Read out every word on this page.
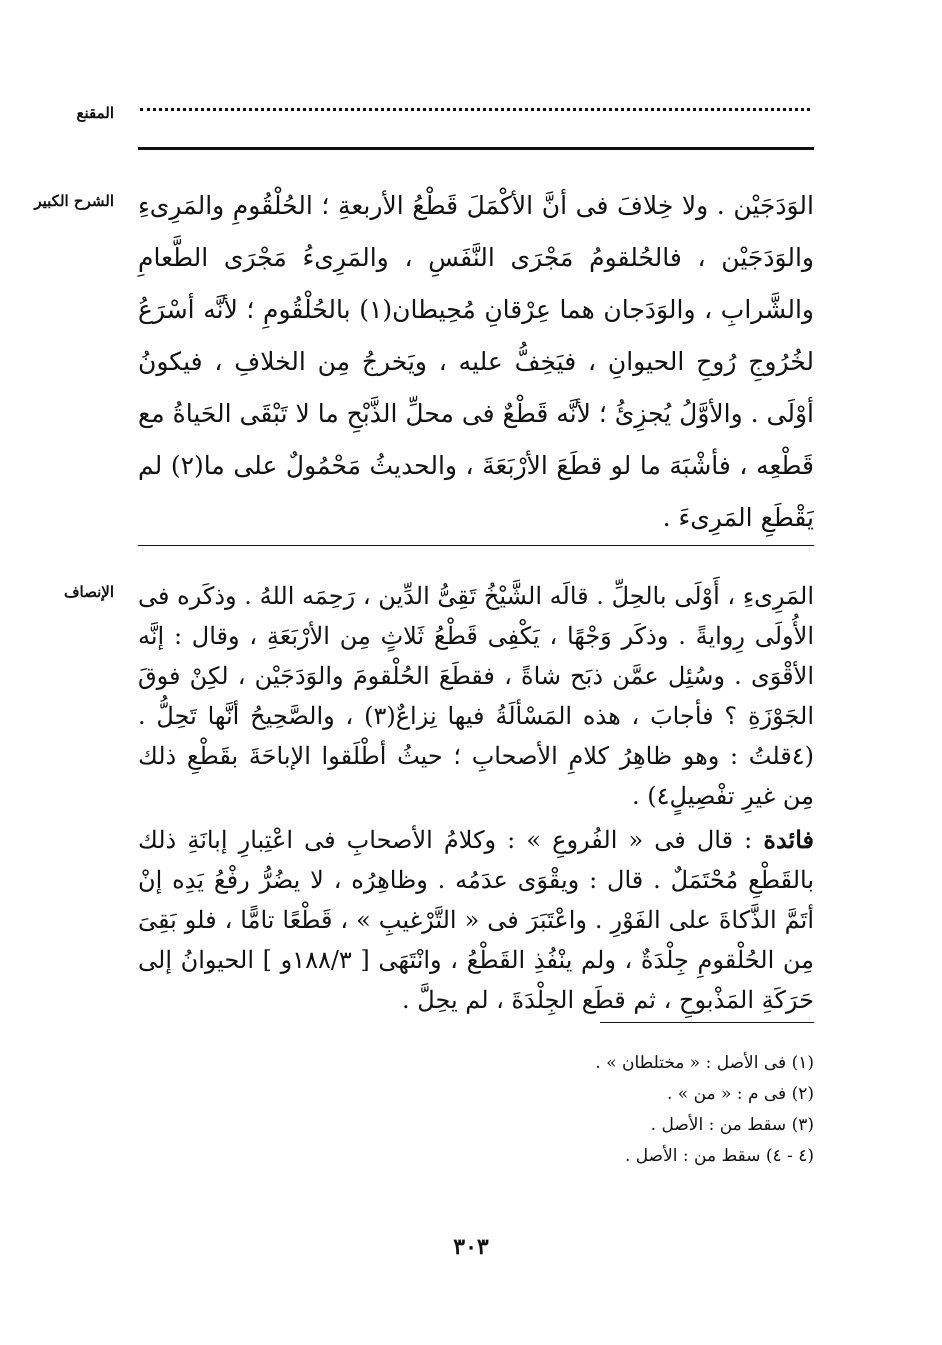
المقنع
الشرح الكبير الوَدَجَيْن . ولا خِلافَ فى أنَّ الأكْمَلَ قَطْعُ الأربعةِ ؛ الحُلْقُومِ والمَرِىءِ والوَدَجَيْن ، فالحُلقومُ مَجْرَى النَّفَسِ ، والمَرِىءُ مَجْرَى الطَّعامِ والشَّرابِ ، والوَدَجان هما عِرْقانِ مُحِيطان(١) بالحُلْقُومِ ؛ لأنَّه أسْرَعُ لخُرُوجِ رُوحِ الحيوانِ ، فيَخِفُّ عليه ، ويَخرجُ مِن الخلافِ ، فيكونُ أوْلَى . والأوَّلُ يُجزِئُ ؛ لأنَّه قَطْعٌ فى محلِّ الذَّبْحِ ما لا تَبْقَى الحَياةُ مع قَطْعِه ، فأشْبَهَ ما لو قطَعَ الأرْبَعَةَ ، والحديثُ مَحْمُولٌ على ما(٢) لم يَقْطَعِ المَرِىءَ .
الإنصاف المَرِىءِ ، أَوْلَى بالحِلِّ . قالَه الشَّيْخُ تَقِىُّ الدِّين ، رَحِمَه اللهُ . وذكَره فى الأُولَى رِوايةً . وذكَر وَجْهًا ، يَكْفِى قَطْعُ ثَلاثٍ مِن الأرْبَعَةِ ، وقال : إنَّه الأقْوَى . وسُئِل عمَّن ذبَح شاةً ، فقطَعَ الحُلْقومَ والوَدَجَيْن ، لكِنْ فوقَ الجَوْزَةِ ؟ فأجابَ ، هذه المَسْألَةُ فيها نِزاعٌ(٣) ، والصَّحِيحُ أنَّها تَحِلُّ . (٤قلتُ : وهو ظاهِرُ كلامِ الأصحابِ ؛ حيثُ أطْلَقوا الإباحَةَ بقَطْعِ ذلك مِن غيرِ تفْصِيلٍ٤) .
فائدة : قال فى « الفُروعِ » : وكلامُ الأصحابِ فى اعْتِبارِ إبانَةِ ذلك بالقَطْعِ مُحْتَمَلٌ . قال : ويقْوَى عدَمُه . وظاهِرُه ، لا يضُرُّ رفْعُ يَدِه إنْ أتَمَّ الذَّكاةَ على الفَوْرِ . واعْتَبَرَ فى « التَّرْغيبِ » ، قَطْعًا تامًّا ، فلو بَقِىَ مِن الحُلْقومِ جِلْدَةٌ ، ولم ينْفُذِ القَطْعُ ، وانْتَهَى [ ١٨٨/٣و ] الحيوانُ إلى حَرَكَةِ المَذْبوحِ ، ثم قطَع الجِلْدَةَ ، لم يحِلَّ .
(١) فى الأصل : « مختلطان » .
(٢) فى م : « من » .
(٣) سقط من : الأصل .
(٤ - ٤) سقط من : الأصل .
٣٠٣
